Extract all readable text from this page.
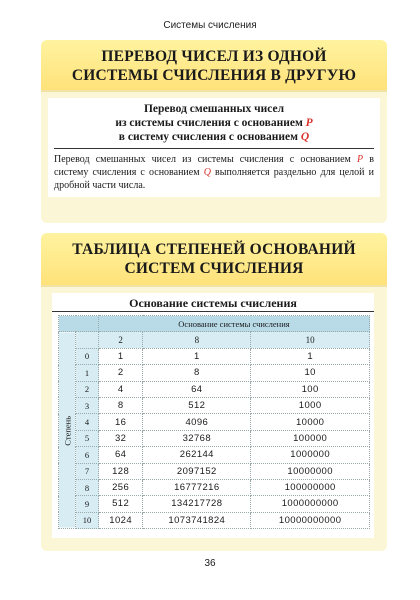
Системы счисления
ПЕРЕВОД ЧИСЕЛ ИЗ ОДНОЙ
СИСТЕМЫ СЧИСЛЕНИЯ В ДРУГУЮ
Перевод смешанных чисел
из системы счисления с основанием P
в систему счисления с основанием Q
Перевод смешанных чисел из системы счисления с основанием P в систему счисления с основанием Q выполняется раздельно для целой и дробной части числа.
ТАБЛИЦА СТЕПЕНЕЙ ОСНОВАНИЙ
СИСТЕМ СЧИСЛЕНИЯ
Основание системы счисления
		Основание системы счисления		
Степень		2	8	10
	0	1	1	1
	1	2	8	10
	2	4	64	100
	3	8	512	1000
	4	16	4096	10000
	5	32	32768	100000
	6	64	262144	1000000
	7	128	2097152	10000000
	8	256	16777216	100000000
	9	512	134217728	1000000000
	10	1024	1073741824	10000000000
36
